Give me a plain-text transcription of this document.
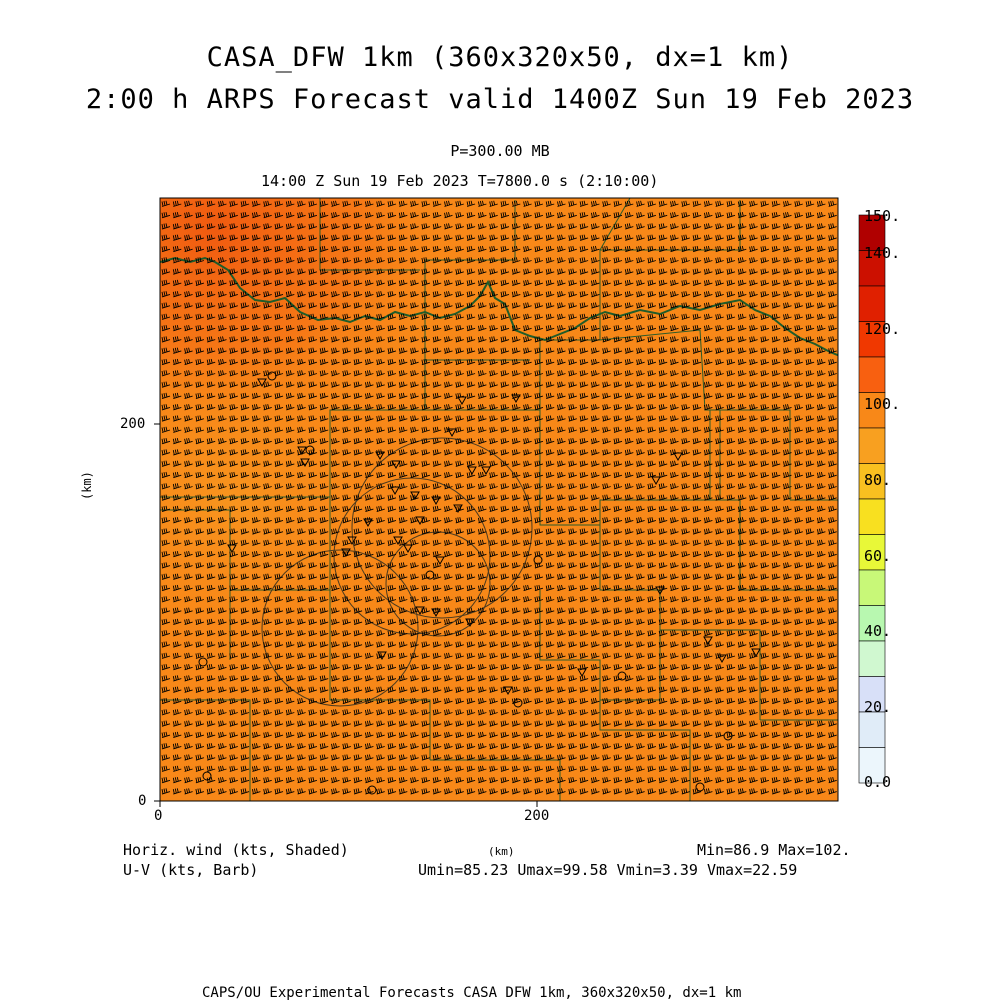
CASA_DFW 1km (360x320x50, dx=1 km)
2:00 h ARPS Forecast valid 1400Z Sun 19 Feb 2023
P=300.00 MB
14:00 Z Sun 19 Feb 2023 T=7800.0 s (2:10:00)
200
0
0	200
(km)
150.
140.
120.
100.
80.
60.
40.
20.
0.0
Horiz. wind (kts, Shaded)
U-V (kts, Barb)
(km)	Min=86.9 Max=102.
Umin=85.23 Umax=99.58 Vmin=3.39 Vmax=22.59
CAPS/OU Experimental Forecasts CASA DFW 1km, 360x320x50, dx=1 km
